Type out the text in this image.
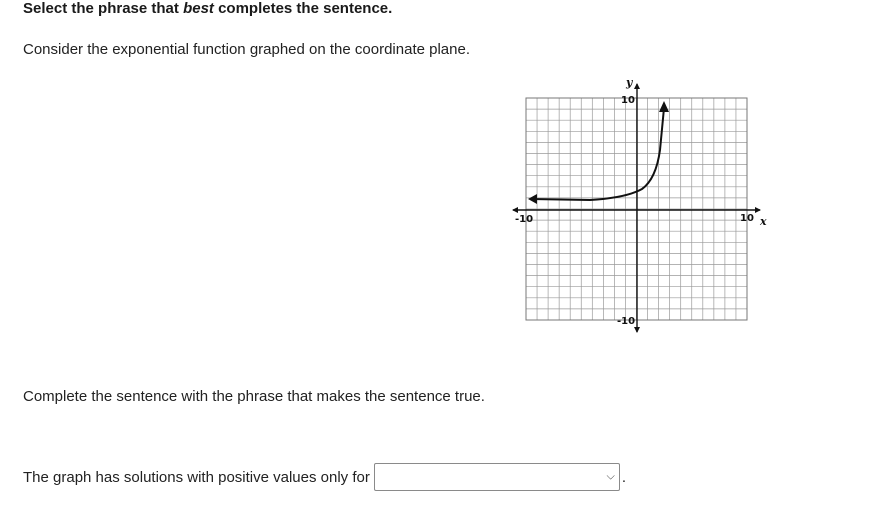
Select the phrase that best completes the sentence.

Consider the exponential function graphed on the coordinate plane.

y
10
-10
-10	10 x

Complete the sentence with the phrase that makes the sentence true.

The graph has solutions with positive values only for	⌵ .
